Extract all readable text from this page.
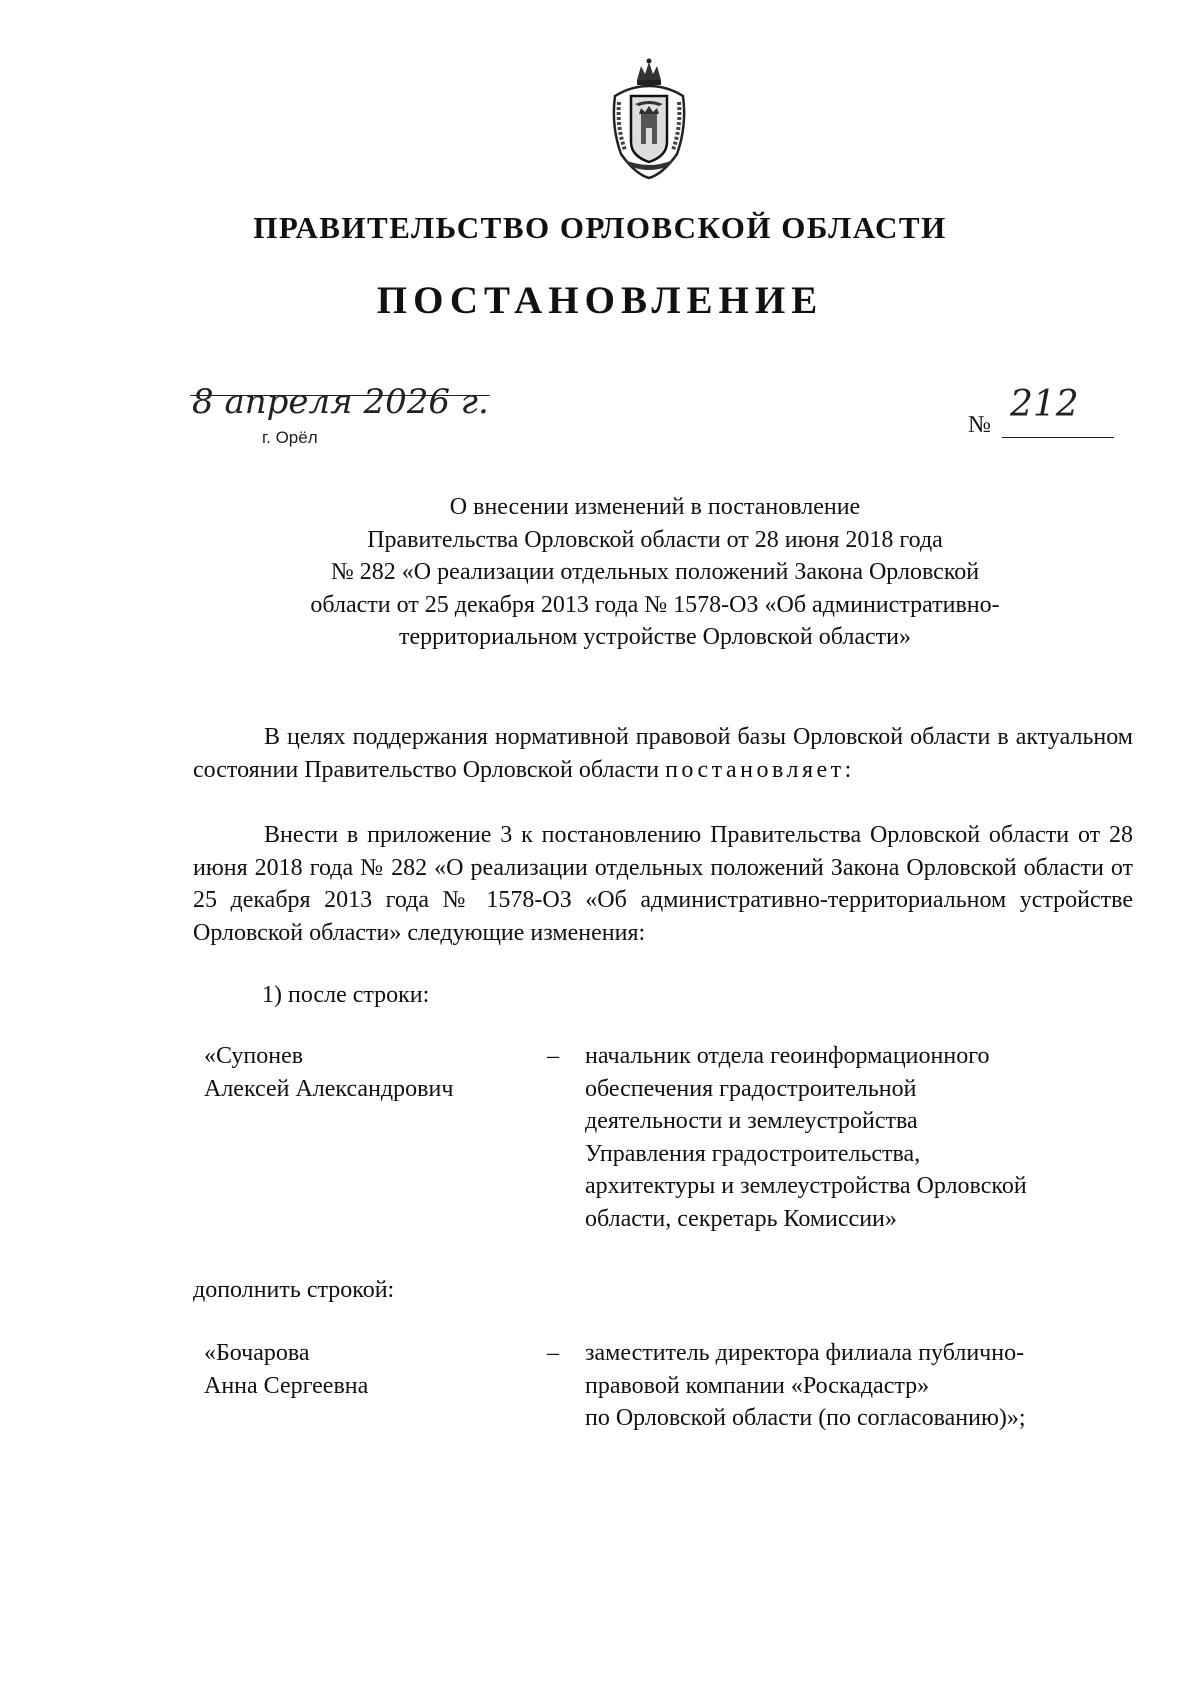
ПРАВИТЕЛЬСТВО ОРЛОВСКОЙ ОБЛАСТИ
ПОСТАНОВЛЕНИЕ
8 апреля 2026 г.
г. Орёл	№ 212
О внесении изменений в постановление
Правительства Орловской области от 28 июня 2018 года
№ 282 «О реализации отдельных положений Закона Орловской
области от 25 декабря 2013 года № 1578-ОЗ «Об административно-
территориальном устройстве Орловской области»

В целях поддержания нормативной правовой базы Орловской области в актуальном состоянии Правительство Орловской области постановляет:

Внести в приложение 3 к постановлению Правительства Орловской области от 28 июня 2018 года № 282 «О реализации отдельных положений Закона Орловской области от 25 декабря 2013 года № 1578-ОЗ «Об административно-территориальном устройстве Орловской области» следующие изменения:

1) после строки:
«Супонев
Алексей Александрович
– начальник отдела геоинформационного
обеспечения градостроительной
деятельности и землеустройства
Управления градостроительства,
архитектуры и землеустройства Орловской
области, секретарь Комиссии»
дополнить строкой:
«Бочарова
Анна Сергеевна
– заместитель директора филиала публично-
правовой компании «Роскадастр»
по Орловской области (по согласованию)»;
